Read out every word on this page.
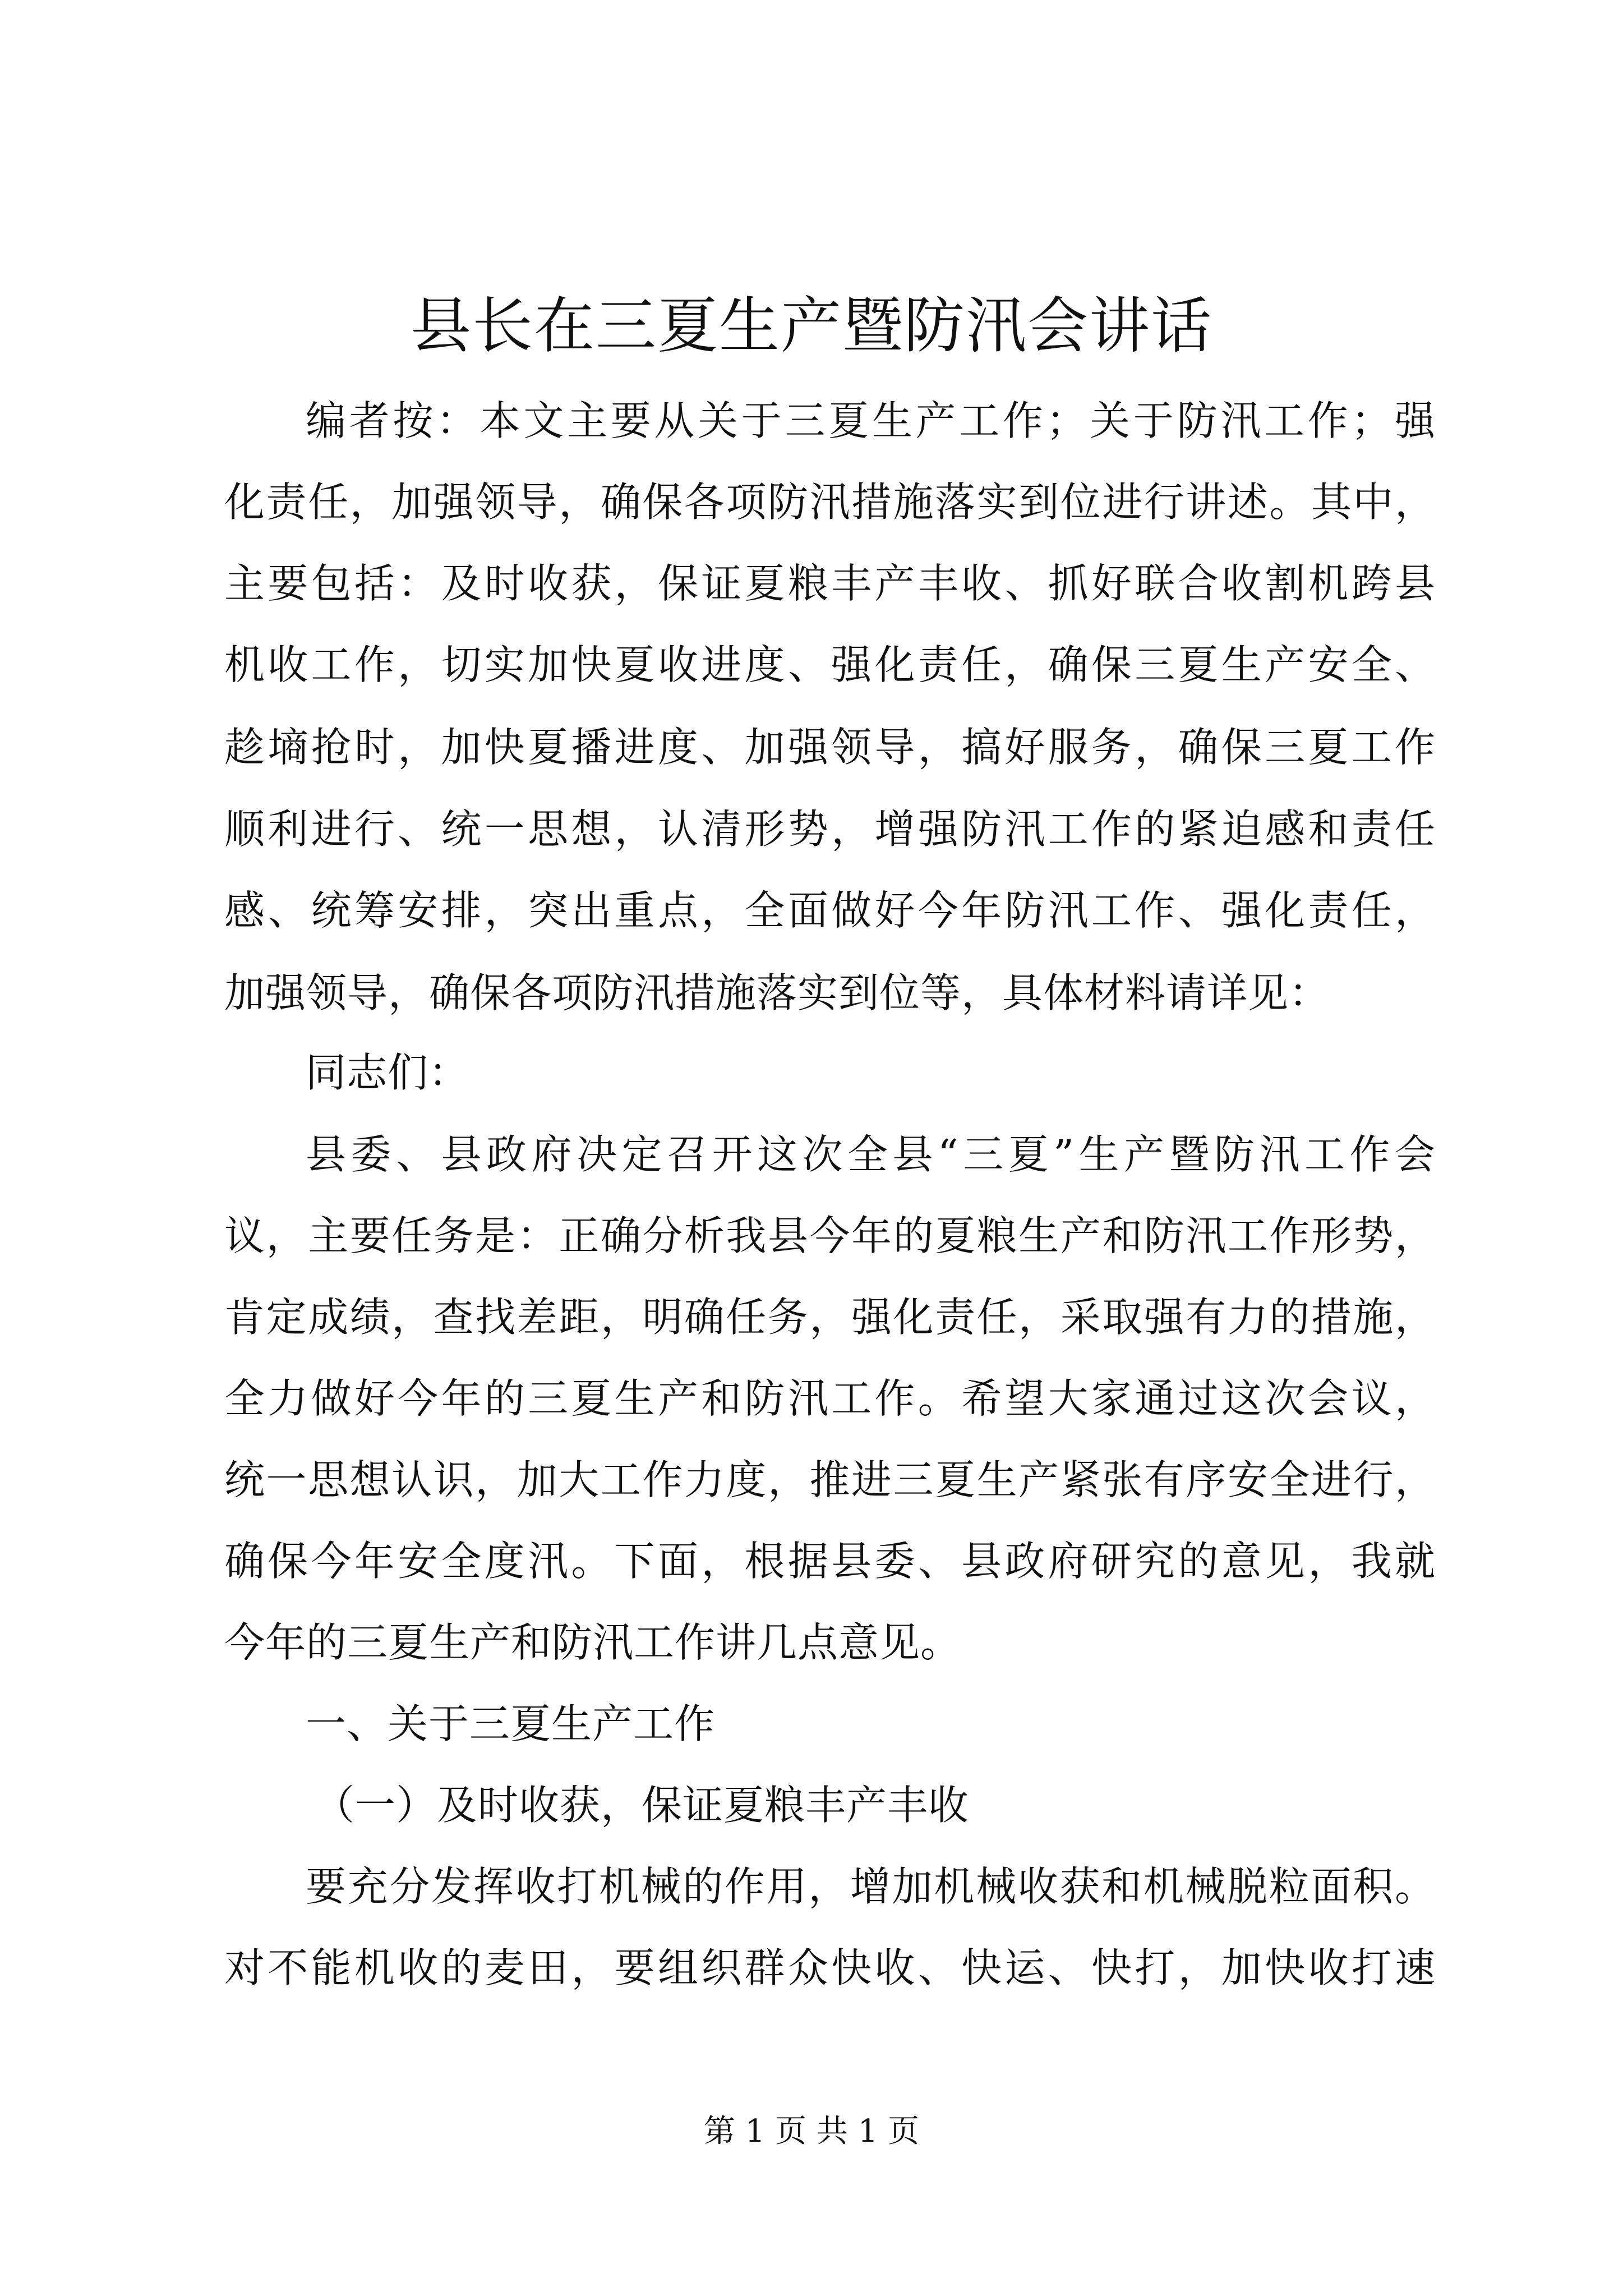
县长在三夏生产暨防汛会讲话
编者按：本文主要从关于三夏生产工作；关于防汛工作；强
化责任，加强领导，确保各项防汛措施落实到位进行讲述。其中，
主要包括：及时收获，保证夏粮丰产丰收、抓好联合收割机跨县
机收工作，切实加快夏收进度、强化责任，确保三夏生产安全、
趁墒抢时，加快夏播进度、加强领导，搞好服务，确保三夏工作
顺利进行、统一思想，认清形势，增强防汛工作的紧迫感和责任
感、统筹安排，突出重点，全面做好今年防汛工作、强化责任，
加强领导，确保各项防汛措施落实到位等，具体材料请详见：
同志们：
县委、县政府决定召开这次全县“三夏”生产暨防汛工作会
议，主要任务是：正确分析我县今年的夏粮生产和防汛工作形势，
肯定成绩，查找差距，明确任务，强化责任，采取强有力的措施，
全力做好今年的三夏生产和防汛工作。希望大家通过这次会议，
统一思想认识，加大工作力度，推进三夏生产紧张有序安全进行，
确保今年安全度汛。下面，根据县委、县政府研究的意见，我就
今年的三夏生产和防汛工作讲几点意见。
一、关于三夏生产工作
（一）及时收获，保证夏粮丰产丰收
要充分发挥收打机械的作用，增加机械收获和机械脱粒面积。
对不能机收的麦田，要组织群众快收、快运、快打，加快收打速
第 1 页 共 1 页
